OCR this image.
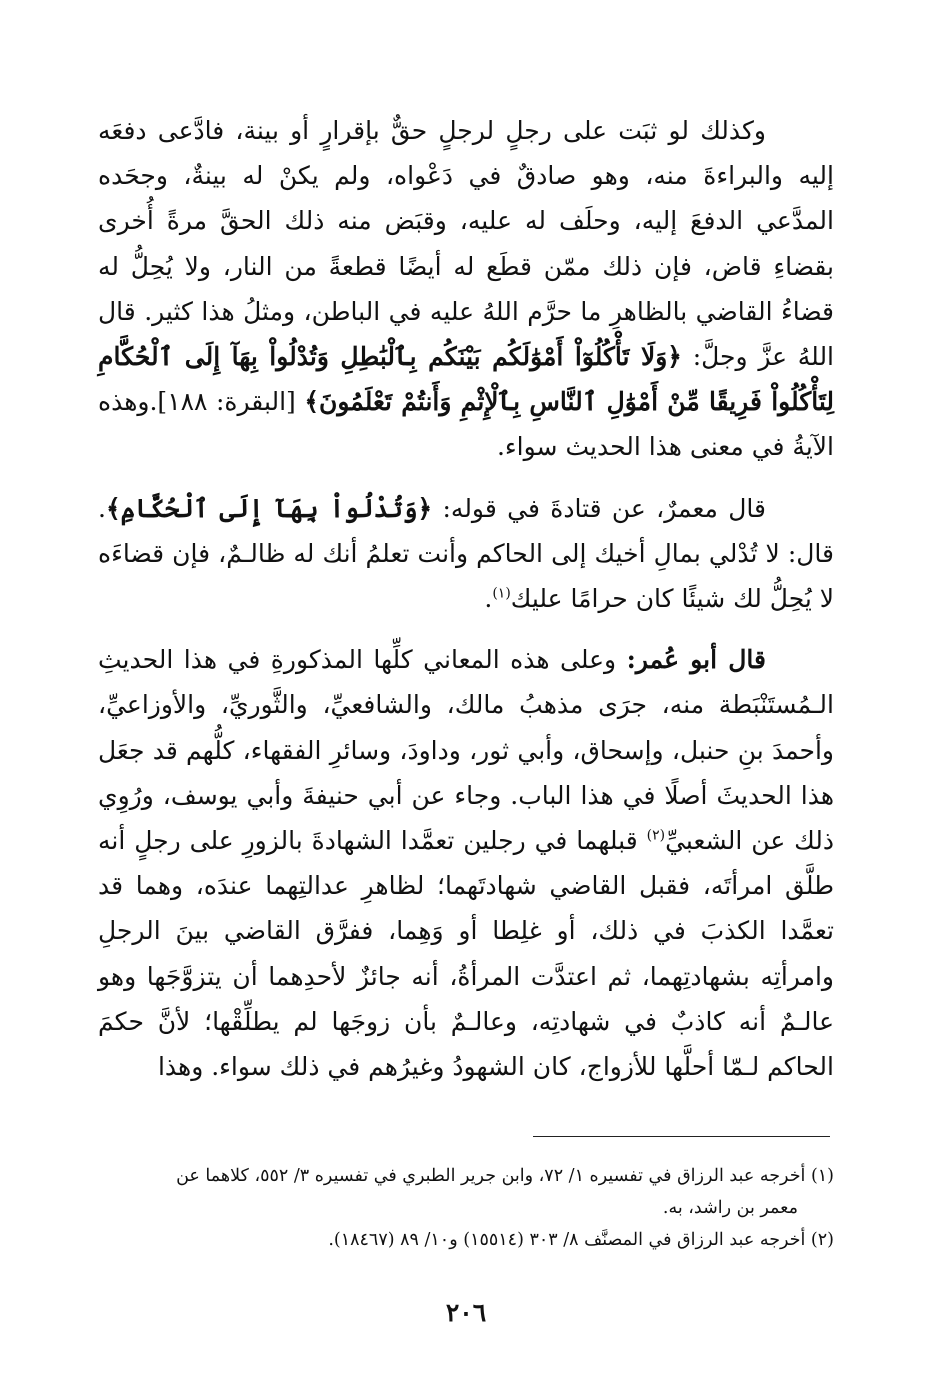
وكذلك لو ثبَت على رجلٍ لرجلٍ حقٌّ بإقرارٍ أو بينة، فادَّعى دفعَه إليه والبراءةَ منه، وهو صادقٌ في دَعْواه، ولم يكنْ له بينةٌ، وجحَده المدَّعي الدفعَ إليه، وحلَف له عليه، وقبَض منه ذلك الحقَّ مرةً أُخرى بقضاءِ قاض، فإن ذلك ممّن قطَع له أيضًا قطعةً من النار، ولا يُحِلُّ له قضاءُ القاضي بالظاهرِ ما حرَّم اللهُ عليه في الباطن، ومثلُ هذا كثير. قال اللهُ عزَّ وجلَّ: ﴿وَلَا تَأْكُلُوٓاْ أَمْوَٰلَكُم بَيْنَكُم بِٱلْبَٰطِلِ وَتُدْلُواْ بِهَآ إِلَى ٱلْحُكَّامِ لِتَأْكُلُواْ فَرِيقًا مِّنْ أَمْوَٰلِ ٱلنَّاسِ بِٱلْإِثْمِ وَأَنتُمْ تَعْلَمُونَ﴾ [البقرة: ١٨٨].وهذه الآيةُ في معنى هذا الحديث سواء.

قال معمرٌ، عن قتادةَ في قوله: ﴿وَتُدْلُواْ بِهَآ إِلَى ٱلْحُكَّامِ﴾. قال: لا تُدْلي بمالِ أخيك إلى الحاكم وأنت تعلمُ أنك له ظالـمٌ، فإن قضاءَه لا يُحِلُّ لك شيئًا كان حرامًا عليك$^{(١)}$.

قال أبو عُمر: وعلى هذه المعاني كلِّها المذكورةِ في هذا الحديثِ الـمُستَنْبَطة منه، جرَى مذهبُ مالك، والشافعيِّ، والثَّوريِّ، والأوزاعيِّ، وأحمدَ بنِ حنبل، وإسحاق، وأبي ثور، وداودَ، وسائرِ الفقهاء، كلُّهم قد جعَل هذا الحديثَ أصلًا في هذا الباب. وجاء عن أبي حنيفةَ وأبي يوسف، ورُوِي ذلك عن الشعبيِّ$^{(٢)}$ قبلهما في رجلين تعمَّدا الشهادةَ بالزورِ على رجلٍ أنه طلَّق امرأتَه، فقبل القاضي شهادتَهما؛ لظاهرِ عدالتِهما عندَه، وهما قد تعمَّدا الكذبَ في ذلك، أو غلِطا أو وَهِما، ففرَّق القاضي بينَ الرجلِ وامرأتِه بشهادتِهما، ثم اعتدَّت المرأةُ، أنه جائزٌ لأحدِهما أن يتزوَّجَها وهو عالـمٌ أنه كاذبٌ في شهادتِه، وعالـمٌ بأن زوجَها لم يطلِّقْها؛ لأنَّ حكمَ الحاكم لـمّا أحلَّها للأزواج، كان الشهودُ وغيرُهم في ذلك سواء. وهذا

(١) أخرجه عبد الرزاق في تفسيره ١/ ٧٢، وابن جرير الطبري في تفسيره ٣/ ٥٥٢، كلاهما عن
معمر بن راشد، به.

(٢) أخرجه عبد الرزاق في المصنَّف ٨/ ٣٠٣ (١٥٥١٤) و١٠/ ٨٩ (١٨٤٦٧).

٢٠٦
